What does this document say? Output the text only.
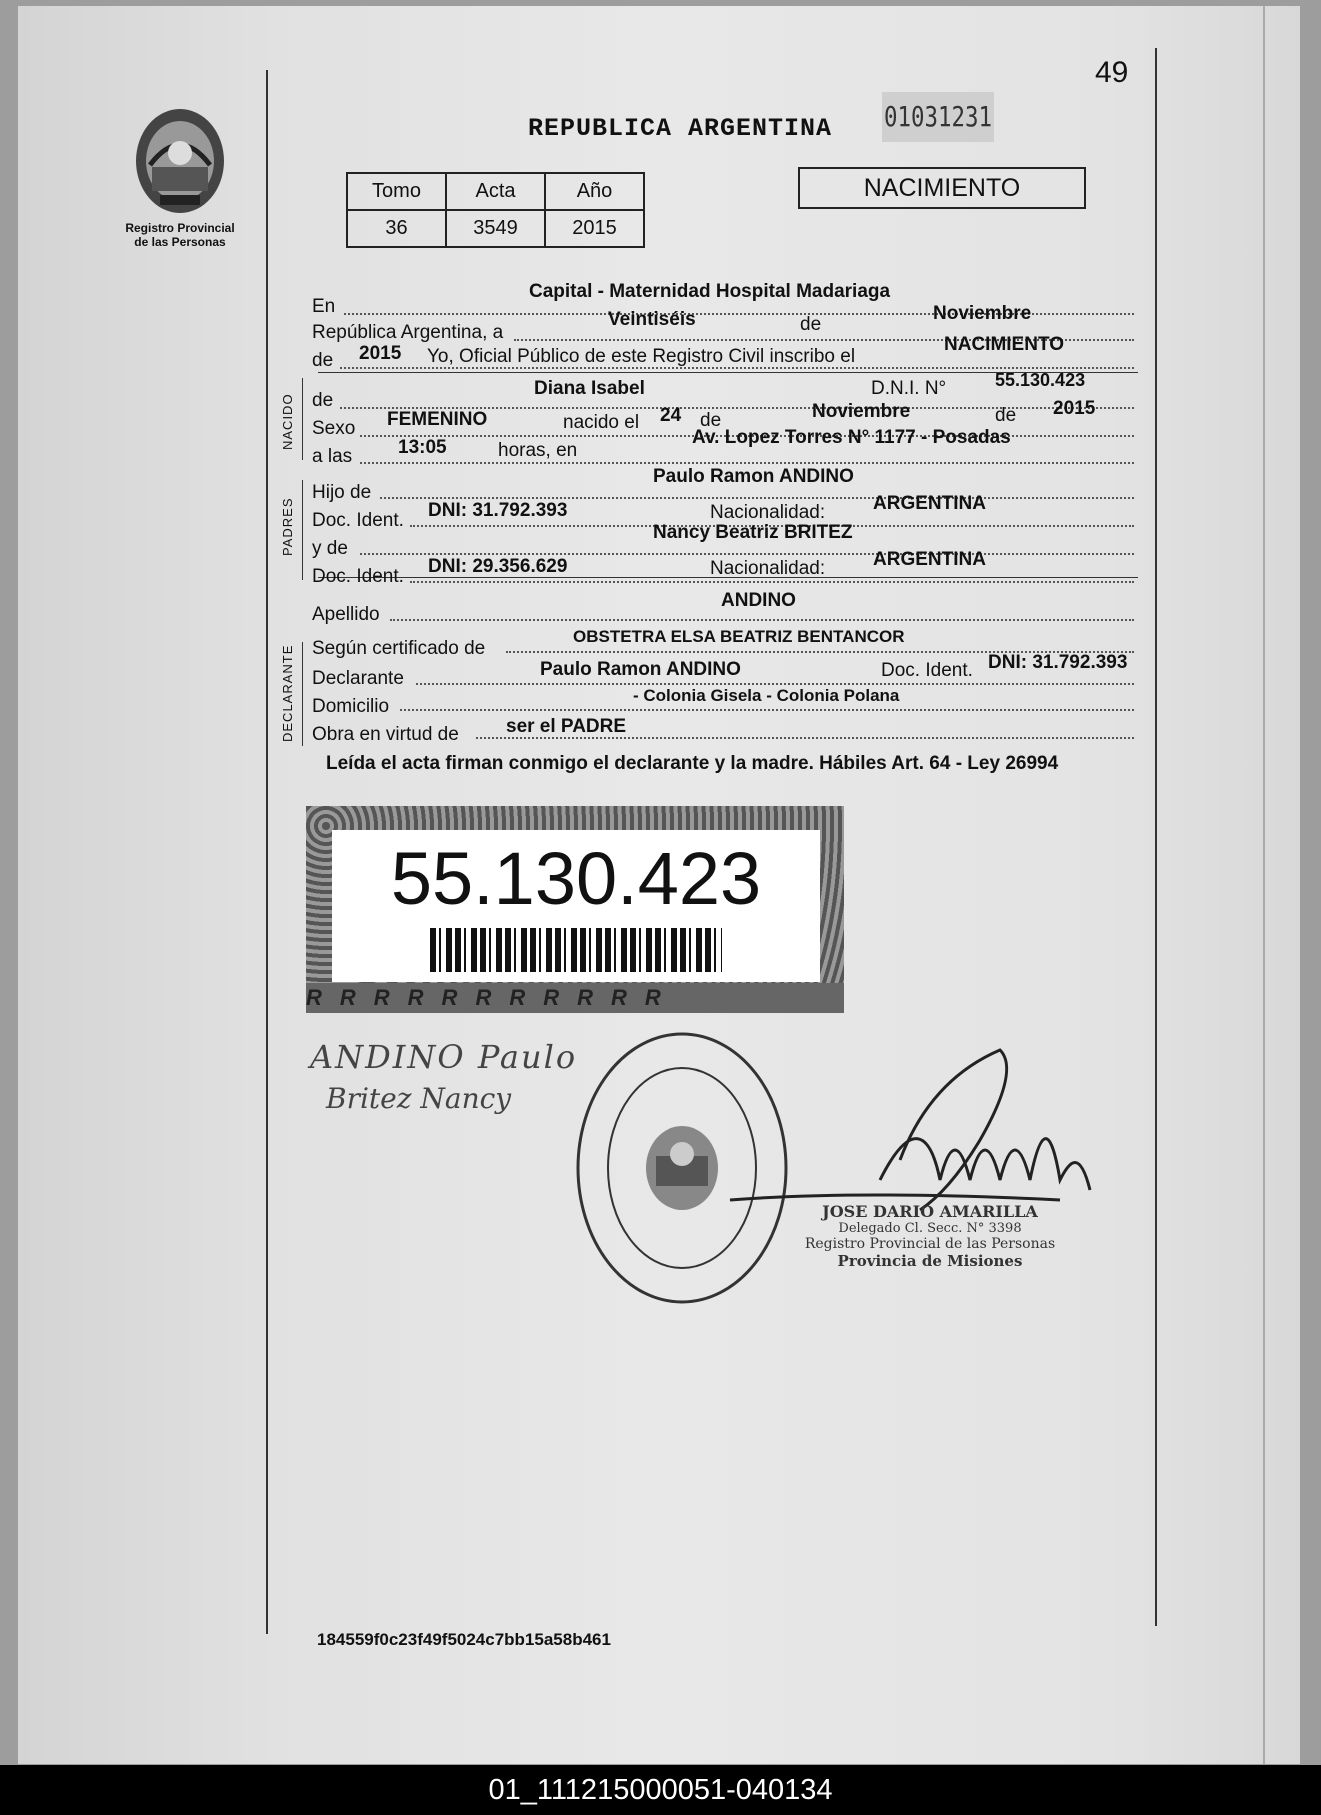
49
Registro Provincial
de las Personas
REPUBLICA ARGENTINA 01031231
Tomo	Acta	Año
36	3549	2015
NACIMIENTO
NACIDO
PADRES
DECLARANTE
En
Capital - Maternidad Hospital Madariaga
República Argentina, a
Veintiséis	de
Noviembre
de 2015 Yo, Oficial Público de este Registro Civil inscribo el
NACIMIENTO
de
Diana Isabel	D.N.I. N°	55.130.423
Sexo FEMENINO	nacido el 24 de	Noviembre	de 2015
a las 13:05	horas, en
Av. Lopez Torres N° 1177 - Posadas
Hijo de
Paulo Ramon ANDINO
Doc. Ident. DNI: 31.792.393	Nacionalidad:	ARGENTINA
y de
Nancy Beatriz BRITEZ
Doc. Ident. DNI: 29.356.629	Nacionalidad:	ARGENTINA
Apellido
ANDINO
Según certificado de
OBSTETRA ELSA BEATRIZ BENTANCOR
Declarante	Paulo Ramon ANDINO	Doc. Ident. DNI: 31.792.393
Domicilio
- Colonia Gisela - Colonia Polana
Obra en virtud de ser el PADRE
Leída el acta firman conmigo el declarante y la madre. Hábiles Art. 64 - Ley 26994
55.130.423
RRRRRRRRRRR
ANDINO Paulo
Britez Nancy
JOSE DARIO AMARILLA
Delegado Cl. Secc. N° 3398
Registro Provincial de las Personas
Provincia de Misiones
184559f0c23f49f5024c7bb15a58b461
01_111215000051-040134
